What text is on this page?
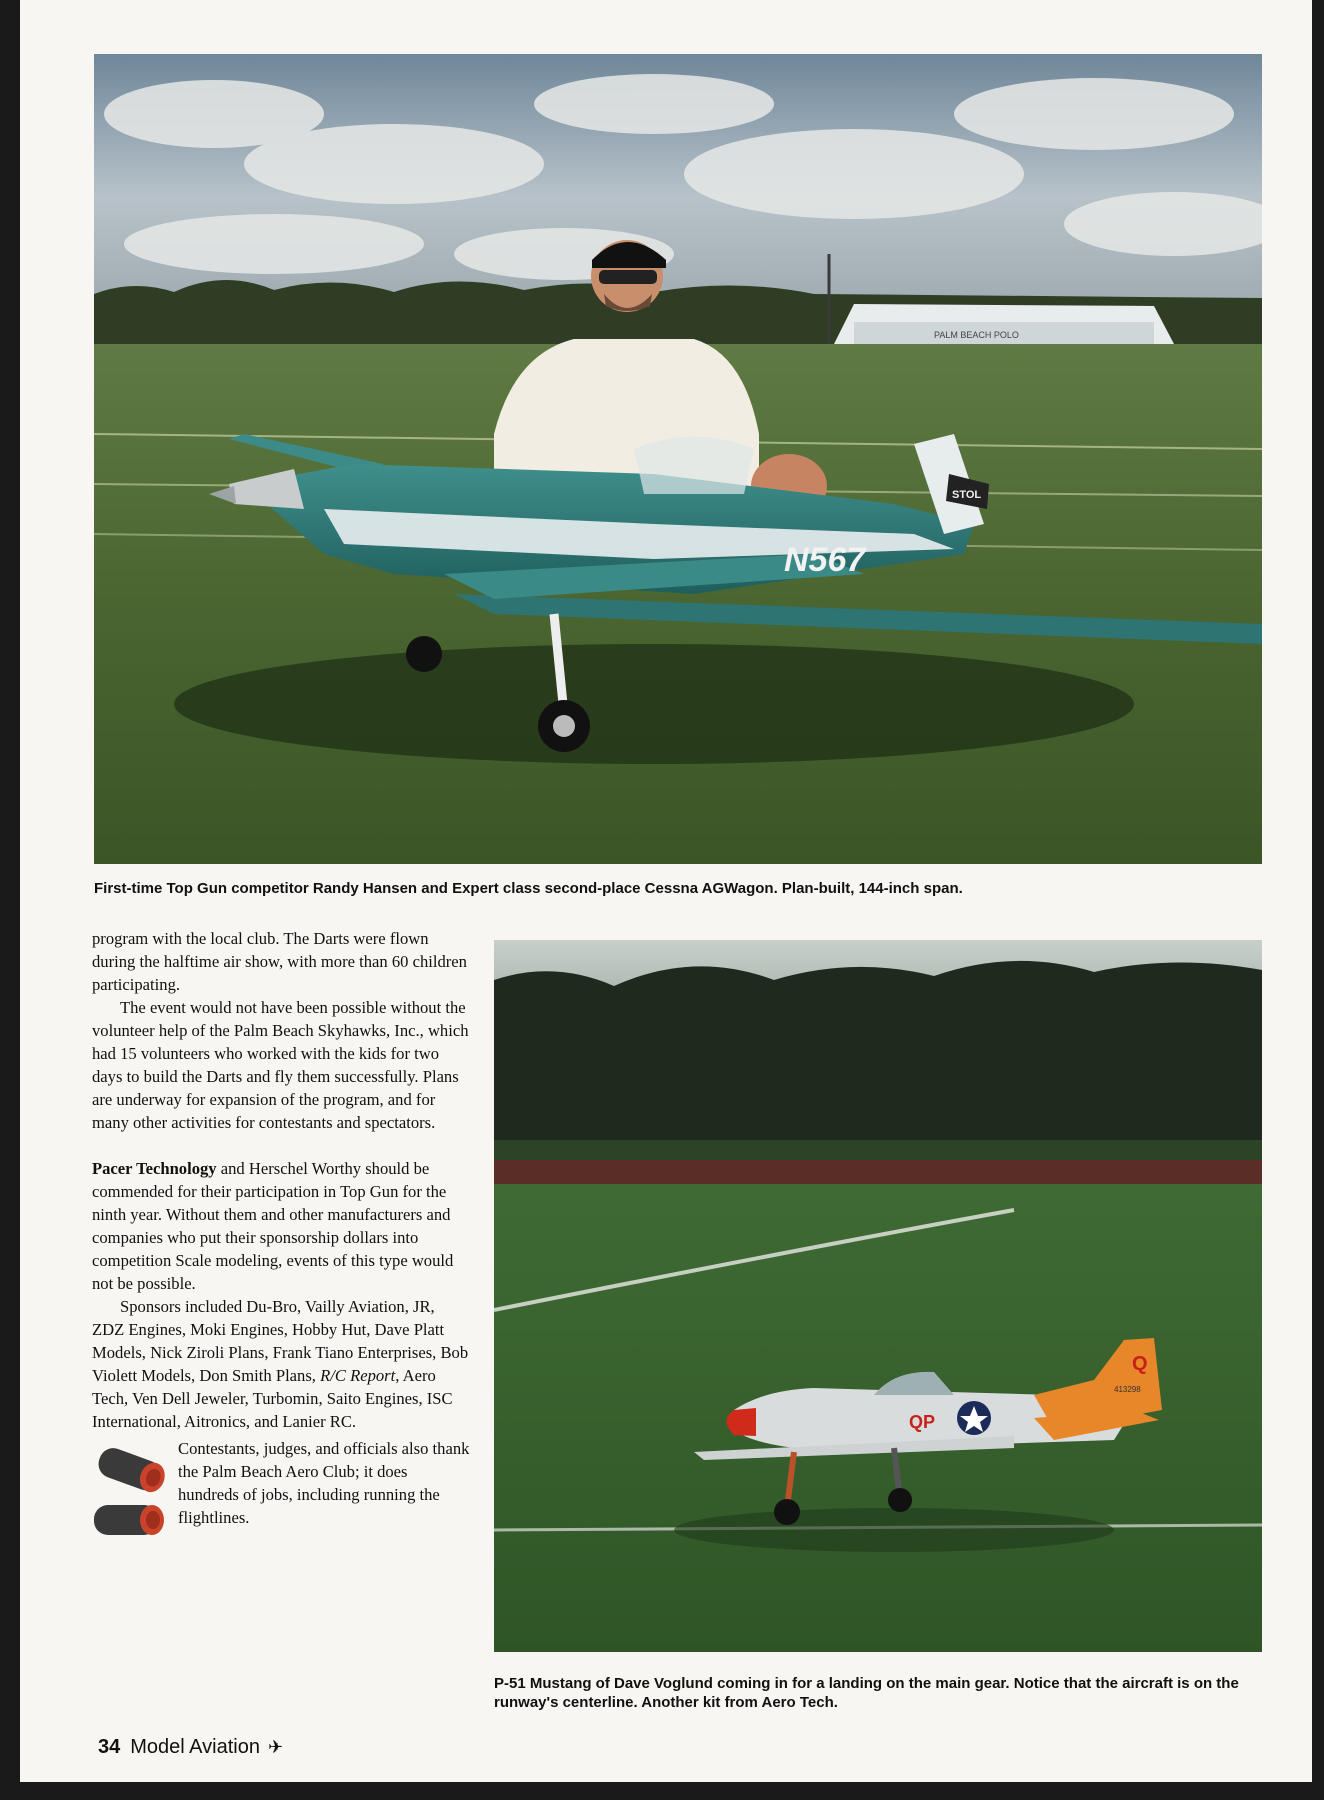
PALM BEACH POLO
STOL
N567
First-time Top Gun competitor Randy Hansen and Expert class second-place Cessna AGWagon. Plan-built, 144-inch span.

program with the local club. The Darts were flown during the halftime air show, with more than 60 children participating.

The event would not have been possible without the volunteer help of the Palm Beach Skyhawks, Inc., which had 15 volunteers who worked with the kids for two days to build the Darts and fly them successfully. Plans are underway for expansion of the program, and for many other activities for contestants and spectators.

Pacer Technology and Herschel Worthy should be commended for their participation in Top Gun for the ninth year. Without them and other manufacturers and companies who put their sponsorship dollars into competition Scale modeling, events of this type would not be possible.

Sponsors included Du-Bro, Vailly Aviation, JR, ZDZ Engines, Moki Engines, Hobby Hut, Dave Platt Models, Nick Ziroli Plans, Frank Tiano Enterprises, Bob Violett Models, Don Smith Plans, R/C Report, Aero Tech, Ven Dell Jeweler, Turbomin, Saito Engines, ISC International, Aitronics, and Lanier RC.

Contestants, judges, and officials also thank the Palm Beach Aero Club; it does hundreds of jobs, including running the flightlines.

QP
Q
413298
P-51 Mustang of Dave Voglund coming in for a landing on the main gear. Notice that the aircraft is on the runway's centerline. Another kit from Aero Tech.
34 Model Aviation ✈
